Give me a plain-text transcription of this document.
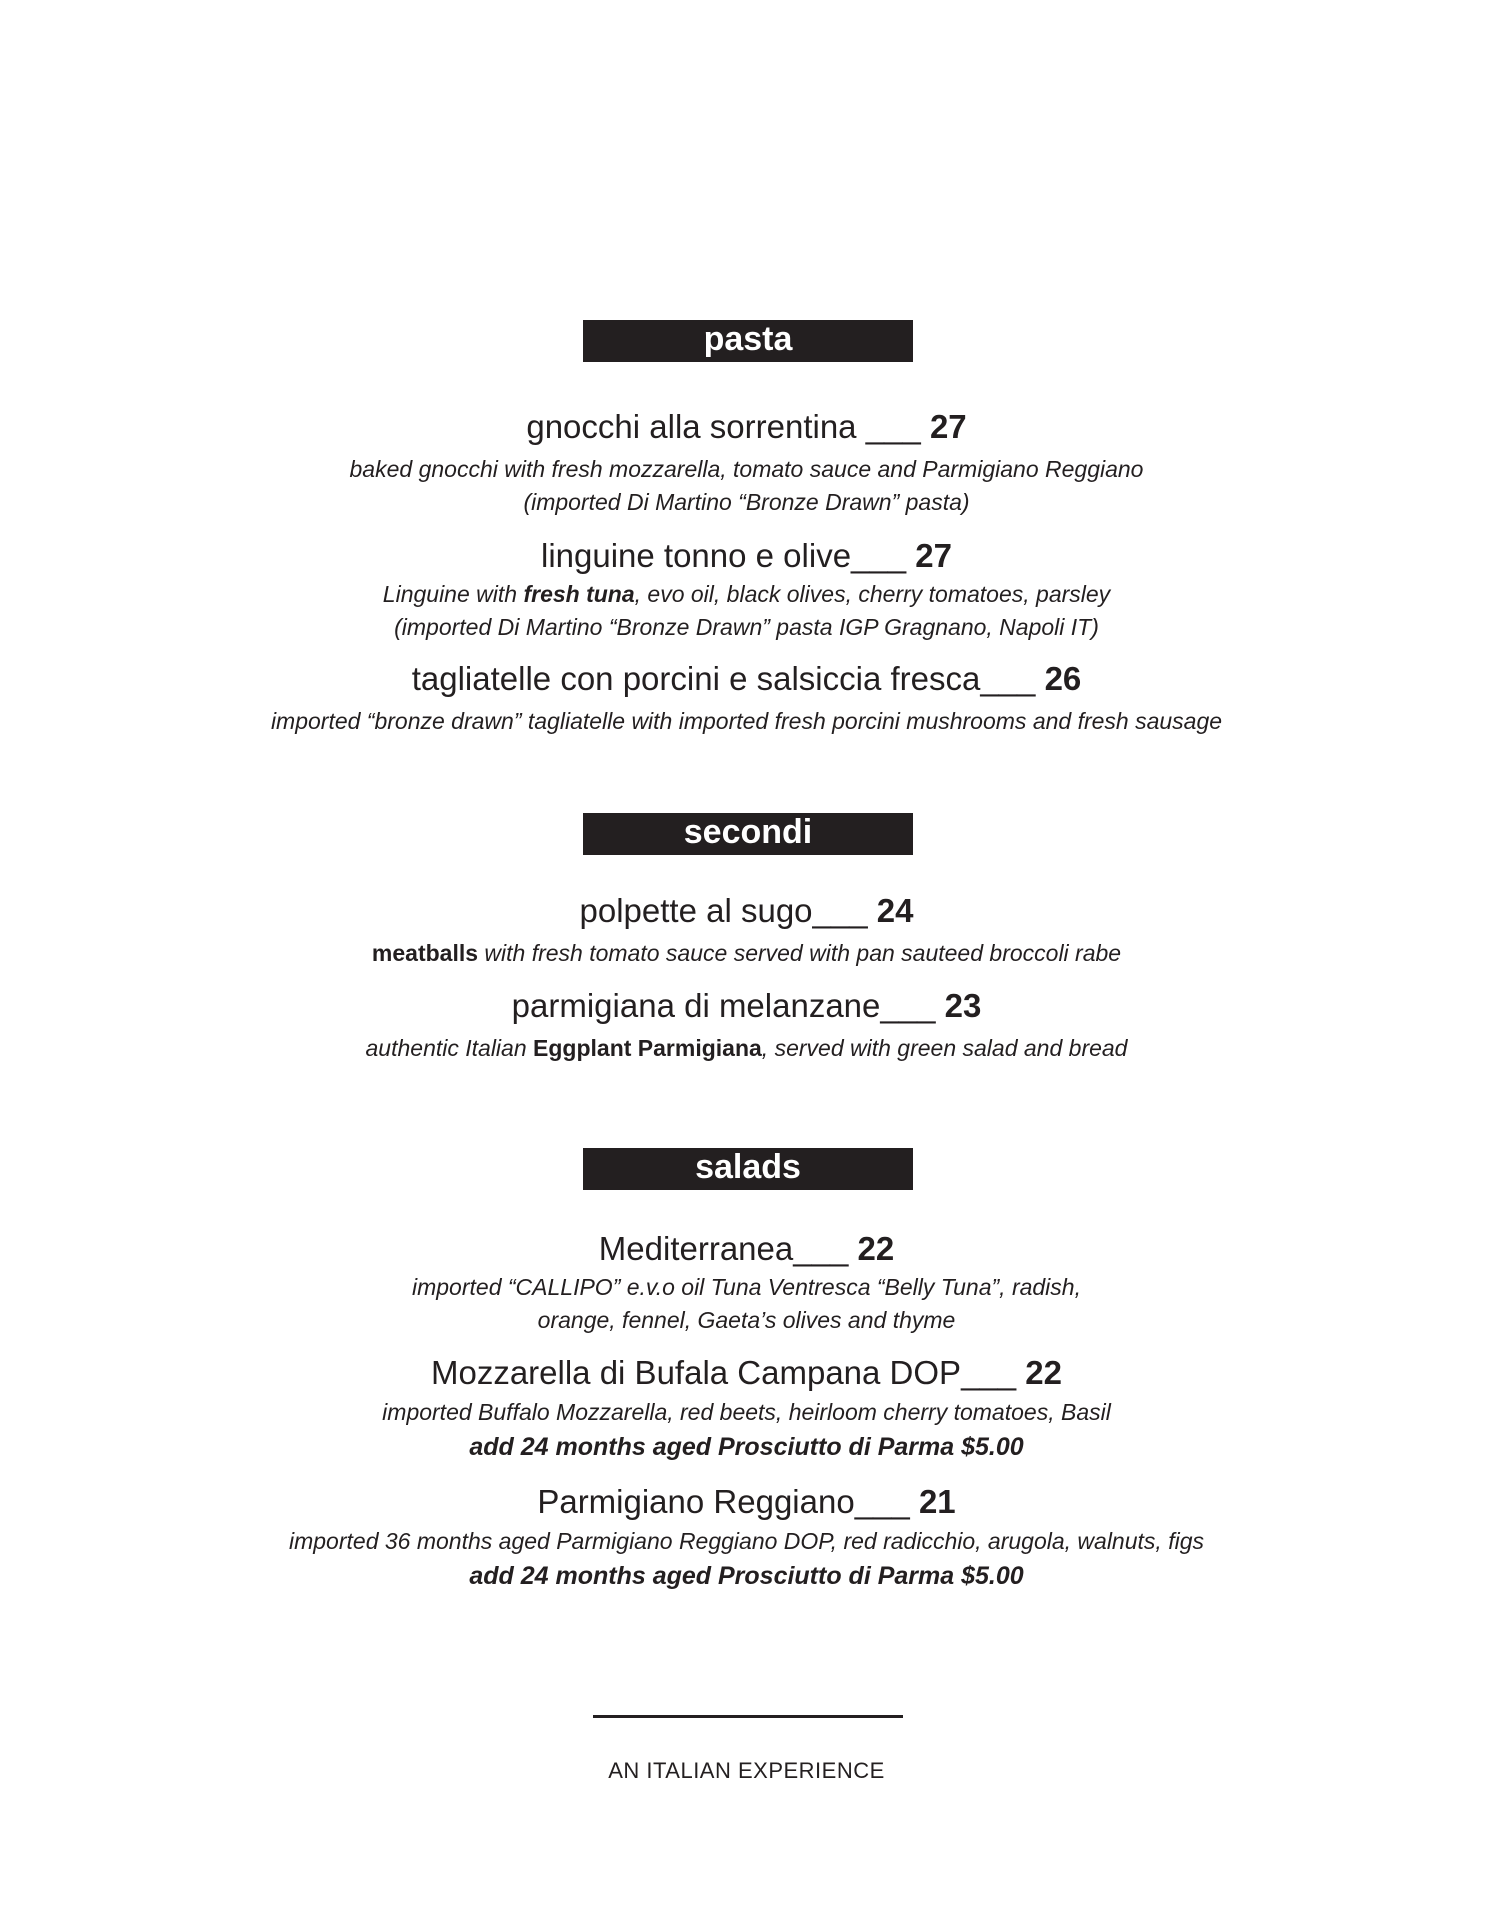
pasta
gnocchi alla sorrentina ___ 27
baked gnocchi with fresh mozzarella, tomato sauce and Parmigiano Reggiano
(imported Di Martino “Bronze Drawn” pasta)
linguine tonno e olive___ 27
Linguine with fresh tuna, evo oil, black olives, cherry tomatoes, parsley
(imported Di Martino “Bronze Drawn” pasta IGP Gragnano, Napoli IT)
tagliatelle con porcini e salsiccia fresca___ 26
imported “bronze drawn” tagliatelle with imported fresh porcini mushrooms and fresh sausage
secondi
polpette al sugo___ 24
meatballs with fresh tomato sauce served with pan sauteed broccoli rabe
parmigiana di melanzane___ 23
authentic Italian Eggplant Parmigiana, served with green salad and bread
salads
Mediterranea___ 22
imported “CALLIPO” e.v.o oil Tuna Ventresca “Belly Tuna”, radish,
orange, fennel, Gaeta’s olives and thyme
Mozzarella di Bufala Campana DOP___ 22
imported Buffalo Mozzarella, red beets, heirloom cherry tomatoes, Basil
add 24 months aged Prosciutto di Parma $5.00
Parmigiano Reggiano___ 21
imported 36 months aged Parmigiano Reggiano DOP, red radicchio, arugola, walnuts, figs
add 24 months aged Prosciutto di Parma $5.00
AN ITALIAN EXPERIENCE
